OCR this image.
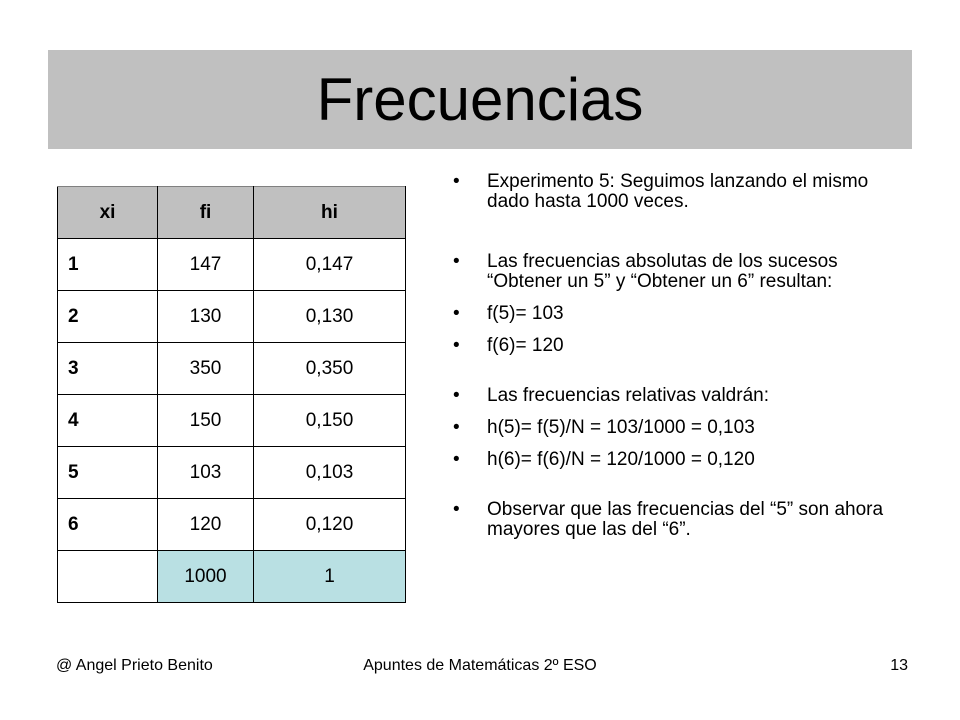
Frecuencias
xi	fi	hi
1	147	0,147
2	130	0,130
3	350	0,350
4	150	0,150
5	103	0,103
6	120	0,120
	1000	1
• Experimento 5: Seguimos lanzando el mismo dado hasta 1000 veces.
• Las frecuencias absolutas de los sucesos “Obtener un 5” y “Obtener un 6” resultan:
• f(5)= 103
• f(6)= 120
• Las frecuencias relativas valdrán:
• h(5)= f(5)/N = 103/1000 = 0,103
• h(6)= f(6)/N = 120/1000 = 0,120
• Observar que las frecuencias del “5” son ahora mayores que las del “6”.
@ Angel Prieto Benito	Apuntes de Matemáticas 2º ESO	13
